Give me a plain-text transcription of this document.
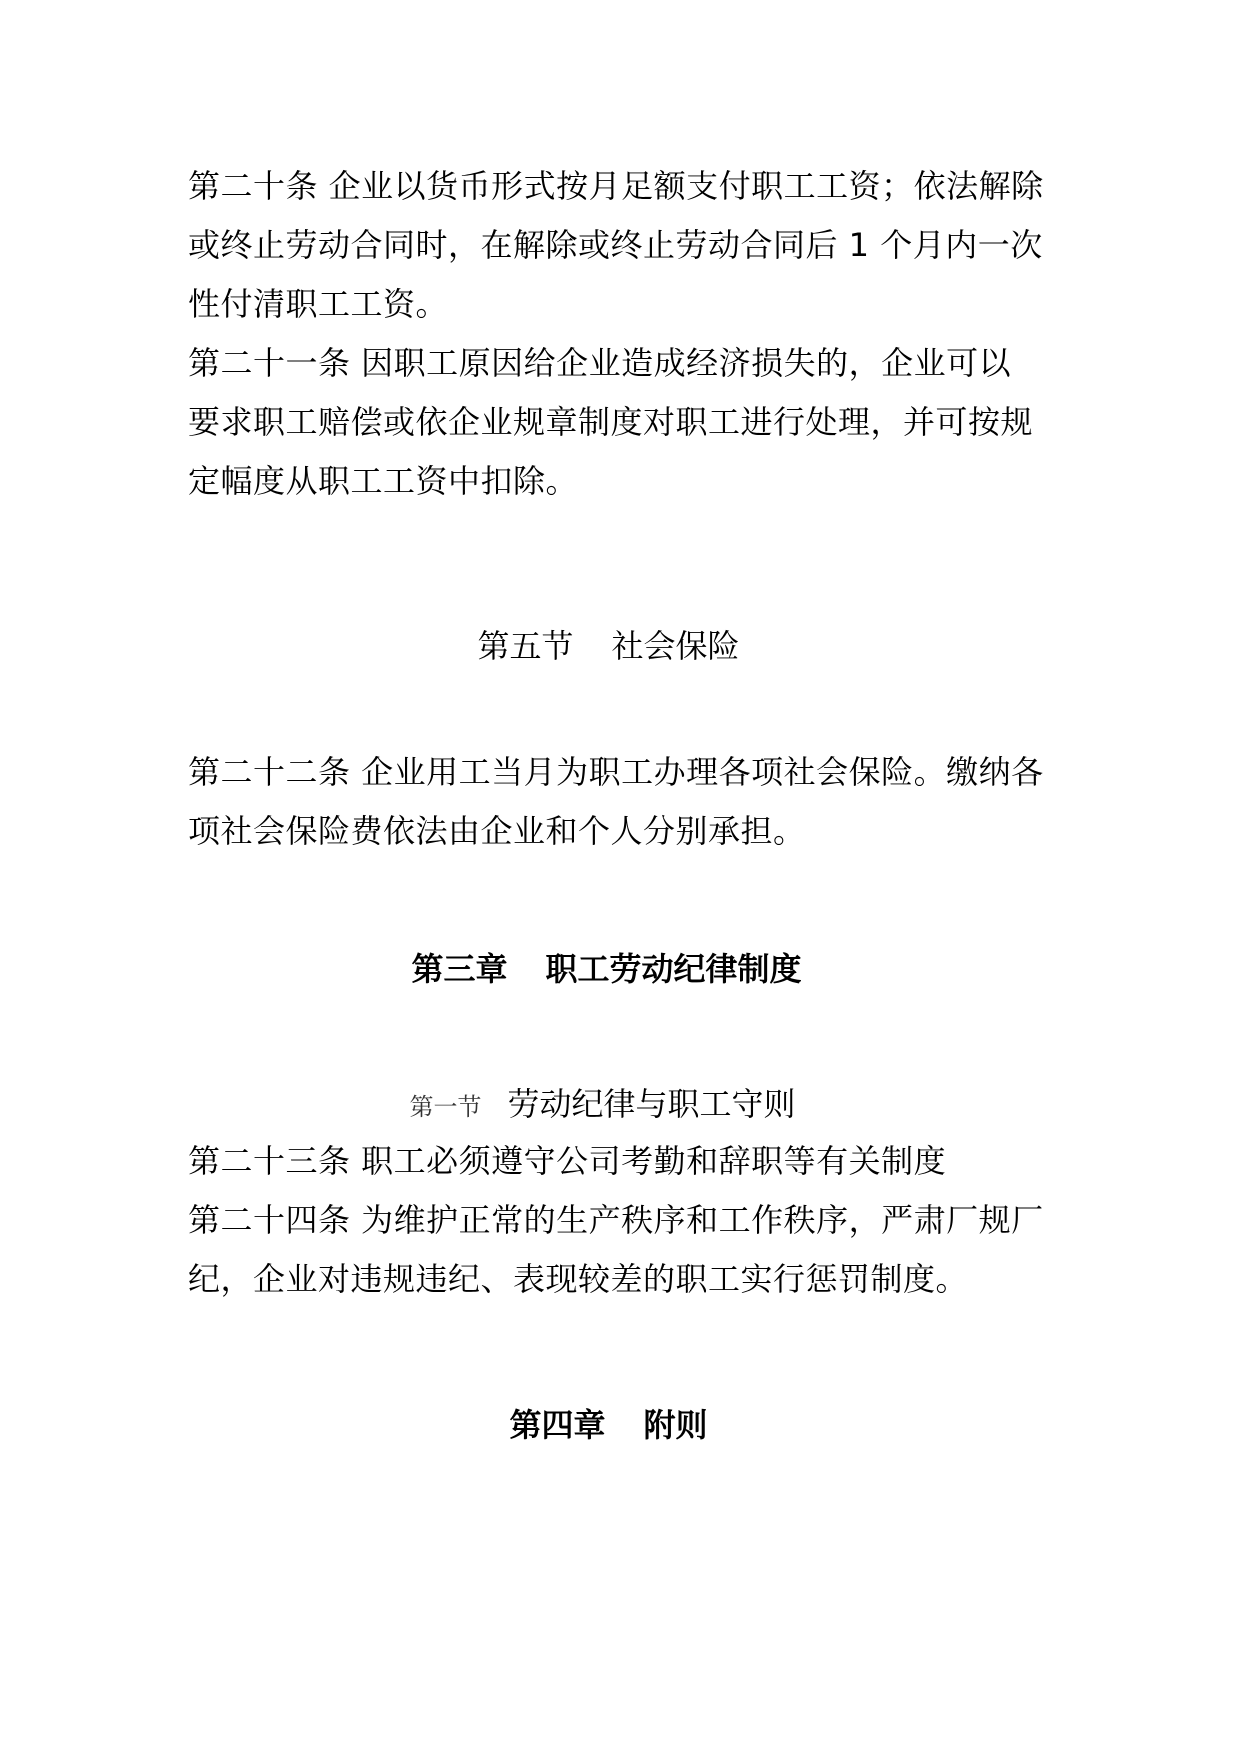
第二十条 企业以货币形式按月足额支付职工工资；依法解除
或终止劳动合同时，在解除或终止劳动合同后 1 个月内一次
性付清职工工资。
第二十一条 因职工原因给企业造成经济损失的，企业可以
要求职工赔偿或依企业规章制度对职工进行处理，并可按规
定幅度从职工工资中扣除。
第五节 社会保险
第二十二条 企业用工当月为职工办理各项社会保险。缴纳各
项社会保险费依法由企业和个人分别承担。
第三章 职工劳动纪律制度
第一节 劳动纪律与职工守则
第二十三条 职工必须遵守公司考勤和辞职等有关制度
第二十四条 为维护正常的生产秩序和工作秩序，严肃厂规厂
纪，企业对违规违纪、表现较差的职工实行惩罚制度。
第四章 附则
